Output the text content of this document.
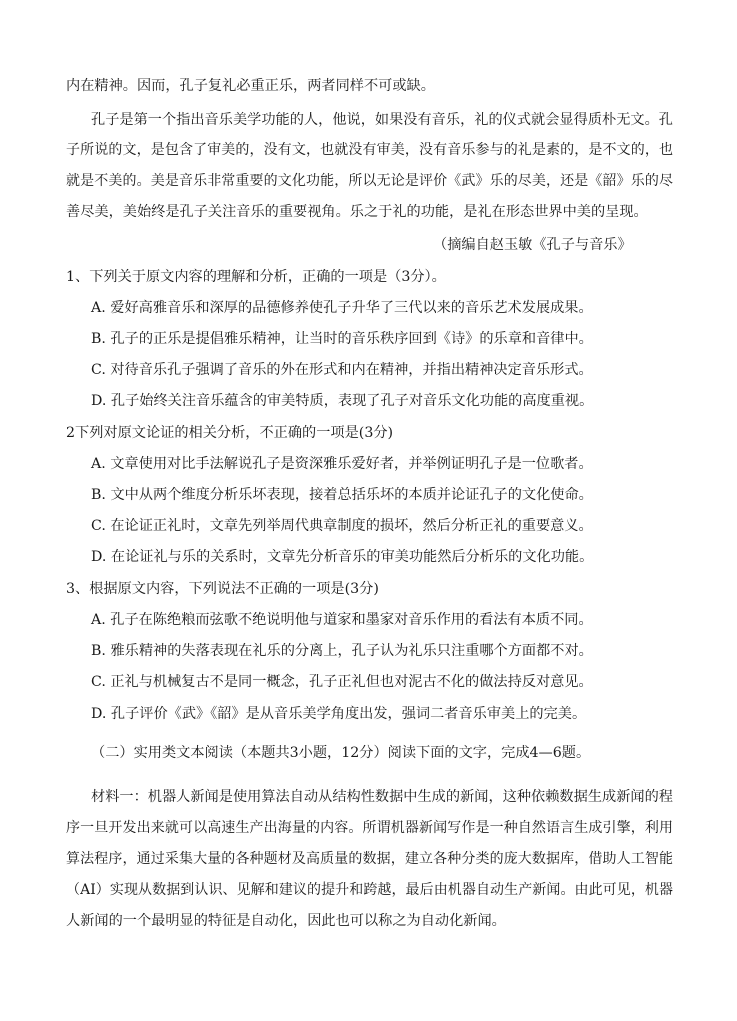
内在精神。因而，孔子复礼必重正乐，两者同样不可或缺。
孔子是第一个指出音乐美学功能的人，他说，如果没有音乐，礼的仪式就会显得质朴无文。孔
子所说的文，是包含了审美的，没有文，也就没有审美，没有音乐参与的礼是素的，是不文的，也
就是不美的。美是音乐非常重要的文化功能，所以无论是评价《武》乐的尽美，还是《韶》乐的尽
善尽美，美始终是孔子关注音乐的重要视角。乐之于礼的功能，是礼在形态世界中美的呈现。
（摘编自赵玉敏《孔子与音乐》
1、下列关于原文内容的理解和分析，正确的一项是（3分）。
A. 爱好高雅音乐和深厚的品德修养使孔子升华了三代以来的音乐艺术发展成果。
B. 孔子的正乐是提倡雅乐精神，让当时的音乐秩序回到《诗》的乐章和音律中。
C. 对待音乐孔子强调了音乐的外在形式和内在精神，并指出精神决定音乐形式。
D. 孔子始终关注音乐蕴含的审美特质，表现了孔子对音乐文化功能的高度重视。
2下列对原文论证的相关分析，不正确的一项是(3分)
A. 文章使用对比手法解说孔子是资深雅乐爱好者，并举例证明孔子是一位歌者。
B. 文中从两个维度分析乐坏表现，接着总括乐坏的本质并论证孔子的文化使命。
C. 在论证正礼时，文章先列举周代典章制度的损坏，然后分析正礼的重要意义。
D. 在论证礼与乐的关系时，文章先分析音乐的审美功能然后分析乐的文化功能。
3、根据原文内容，下列说法不正确的一项是(3分)
A. 孔子在陈绝粮而弦歌不绝说明他与道家和墨家对音乐作用的看法有本质不同。
B. 雅乐精神的失落表现在礼乐的分离上，孔子认为礼乐只注重哪个方面都不对。
C. 正礼与机械复古不是同一概念，孔子正礼但也对泥古不化的做法持反对意见。
D. 孔子评价《武》《韶》是从音乐美学角度出发，强词二者音乐审美上的完美。
（二）实用类文本阅读（本题共3小题，12分）阅读下面的文字，完成4—6题。
材料一：机器人新闻是使用算法自动从结构性数据中生成的新闻，这种依赖数据生成新闻的程
序一旦开发出来就可以高速生产出海量的内容。所谓机器新闻写作是一种自然语言生成引擎，利用
算法程序，通过采集大量的各种题材及高质量的数据，建立各种分类的庞大数据库，借助人工智能
（AI）实现从数据到认识、见解和建议的提升和跨越，最后由机器自动生产新闻。由此可见，机器
人新闻的一个最明显的特征是自动化，因此也可以称之为自动化新闻。
